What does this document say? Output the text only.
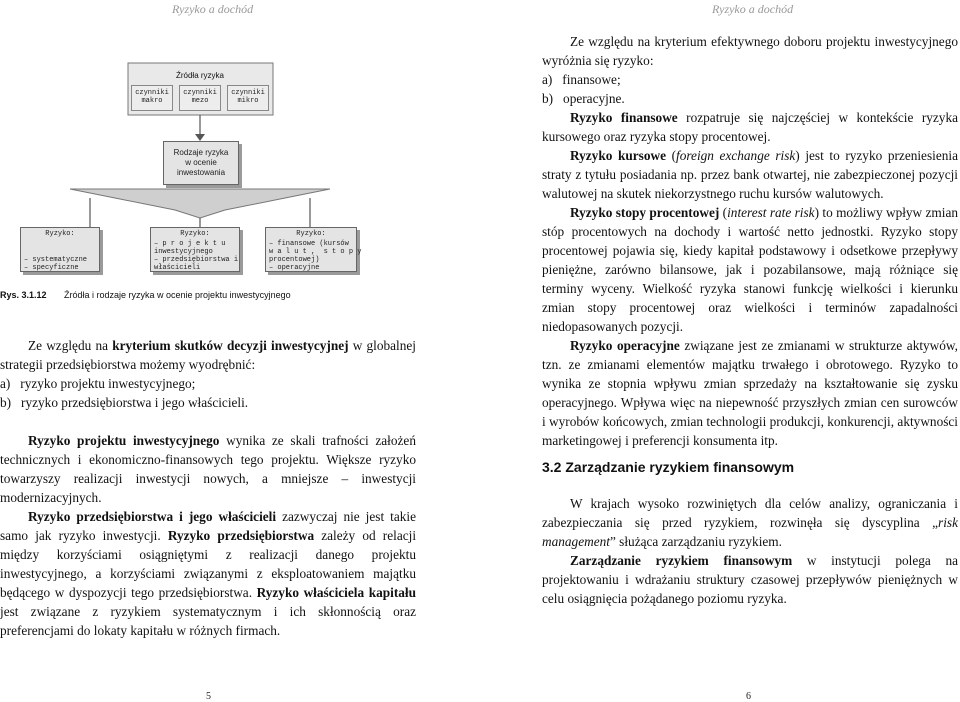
Ryzyko a dochód
Źródła ryzyka
czynniki makro
czynniki mezo
czynniki mikro
Rodzaje ryzyka
w ocenie
inwestowania
Ryzyko:
– systematyczne
– specyficzne
Ryzyko:
– p r o j e k t u
inwestycyjnego
– przedsiębiorstwa i
właścicieli
Ryzyko:
– finansowe (kursów
w a l u t ,  s t o p y
procentowej)
– operacyjne
Rys. 3.1.12 Źródła i rodzaje ryzyka w ocenie projektu inwestycyjnego

Ze względu na kryterium skutków decyzji inwestycyjnej w globalnej strategii przedsiębiorstwa możemy wyodrębnić:

a)   ryzyko projektu inwestycyjnego;

b)   ryzyko przedsiębiorstwa i jego właścicieli.

Ryzyko projektu inwestycyjnego wynika ze skali trafności założeń technicznych i ekonomiczno-finansowych tego projektu. Większe ryzyko towarzyszy realizacji inwestycji nowych, a mniejsze – inwestycji modernizacyjnych.

Ryzyko przedsiębiorstwa i jego właścicieli zazwyczaj nie jest takie samo jak ryzyko inwestycji. Ryzyko przedsiębiorstwa zależy od relacji między korzyściami osiągniętymi z realizacji danego projektu inwestycyjnego, a korzyściami związanymi z eksploatowaniem majątku będącego w dyspozycji tego przedsiębiorstwa. Ryzyko właściciela kapitału jest związane z ryzykiem systematycznym i ich skłonnością oraz preferencjami do lokaty kapitału w różnych firmach.

5
Ryzyko a dochód

Ze względu na kryterium efektywnego doboru projektu inwestycyjnego wyróżnia się ryzyko:

a)   finansowe;

b)   operacyjne.

Ryzyko finansowe rozpatruje się najczęściej w kontekście ryzyka kursowego oraz ryzyka stopy procentowej.

Ryzyko kursowe (foreign exchange risk) jest to ryzyko przeniesienia straty z tytułu posiadania np. przez bank otwartej, nie zabezpieczonej pozycji walutowej na skutek niekorzystnego ruchu kursów walutowych.

Ryzyko stopy procentowej (interest rate risk) to możliwy wpływ zmian stóp procentowych na dochody i wartość netto jednostki. Ryzyko stopy procentowej pojawia się, kiedy kapitał podstawowy i odsetkowe przepływy pieniężne, zarówno bilansowe, jak i pozabilansowe, mają różniące się terminy wyceny. Wielkość ryzyka stanowi funkcję wielkości i kierunku zmian stopy procentowej oraz wielkości i terminów zapadalności niedopasowanych pozycji.

Ryzyko operacyjne związane jest ze zmianami w strukturze aktywów, tzn. ze zmianami elementów majątku trwałego i obrotowego. Ryzyko to wynika ze stopnia wpływu zmian sprzedaży na kształtowanie się zysku operacyjnego. Wpływa więc na niepewność przyszłych zmian cen surowców i wyrobów końcowych, zmian technologii produkcji, konkurencji, aktywności marketingowej i preferencji konsumenta itp.

3.2 Zarządzanie ryzykiem finansowym

W krajach wysoko rozwiniętych dla celów analizy, ograniczania i zabezpieczania się przed ryzykiem, rozwinęła się dyscyplina „risk management” służąca zarządzaniu ryzykiem.

Zarządzanie ryzykiem finansowym w instytucji polega na projektowaniu i wdrażaniu struktury czasowej przepływów pieniężnych w celu osiągnięcia pożądanego poziomu ryzyka.

6
